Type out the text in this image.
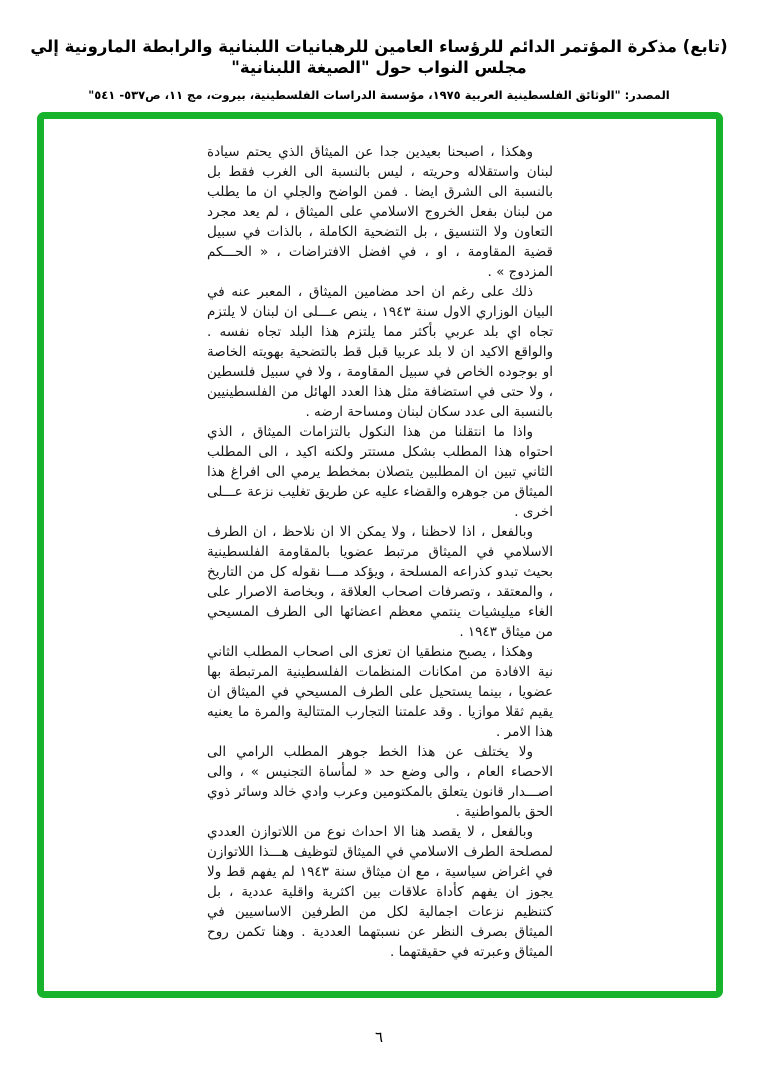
(تابع) مذكرة المؤتمر الدائم للرؤساء العامين للرهبانيات اللبنانية والرابطة المارونية إلي مجلس النواب حول "الصيغة اللبنانية"
المصدر: "الوثائق الفلسطينية العربية ١٩٧٥، مؤسسة الدراسات الفلسطينية، بيروت، مج ١١، ص٥٣٧- ٥٤١"

وهكذا ، اصبحنا بعيدين جدا عن الميثاق الذي يحتم سيادة لبنان واستقلاله وحريته ، ليس بالنسبة الى الغرب فقط بل بالنسبة الى الشرق ايضا . فمن الواضح والجلي ان ما يطلب من لبنان بفعل الخروج الاسلامي على الميثاق ، لم يعد مجرد التعاون ولا التنسيق ، بل التضحية الكاملة ، بالذات في سبيل قضية المقاومة ، او ، في افضل الافتراضات ، « الحـــكم المزدوج » .

ذلك على رغم ان احد مضامين الميثاق ، المعبر عنه في البيان الوزاري الاول سنة ١٩٤٣ ، ينص عـــلى ان لبنان لا يلتزم تجاه اي بلد عربي بأكثر مما يلتزم هذا البلد تجاه نفسه . والواقع الاكيد ان لا بلد عربيا قبل قط بالتضحية بهويته الخاصة او بوجوده الخاص في سبيل المقاومة ، ولا في سبيل فلسطين ، ولا حتى في استضافة مثل هذا العدد الهائل من الفلسطينيين بالنسبة الى عدد سكان لبنان ومساحة ارضه .

واذا ما انتقلنا من هذا النكول بالتزامات الميثاق ، الذي احتواه هذا المطلب بشكل مستتر ولكنه اكيد ، الى المطلب الثاني تبين ان المطلبين يتصلان بمخطط يرمي الى افراغ هذا الميثاق من جوهره والقضاء عليه عن طريق تغليب نزعة عـــلى اخرى .

وبالفعل ، اذا لاحظنا ، ولا يمكن الا ان نلاحظ ، ان الطرف الاسلامي في الميثاق مرتبط عضويا بالمقاومة الفلسطينية بحيث تبدو كذراعه المسلحة ، ويؤكد مـــا نقوله كل من التاريخ ، والمعتقد ، وتصرفات اصحاب العلاقة ، وبخاصة الاصرار على الغاء ميليشيات ينتمي معظم اعضائها الى الطرف المسيحي من ميثاق ١٩٤٣ .

وهكذا ، يصبح منطقيا ان تعزى الى اصحاب المطلب الثاني نية الافادة من امكانات المنظمات الفلسطينية المرتبطة بها عضويا ، بينما يستحيل على الطرف المسيحي في الميثاق ان يقيم ثقلا موازيا . وقد علمتنا التجارب المتتالية والمرة ما يعنيه هذا الامر .

ولا يختلف عن هذا الخط جوهر المطلب الرامي الى الاحصاء العام ، والى وضع حد « لمأساة التجنيس » ، والى اصـــدار قانون يتعلق بالمكتومين وعرب وادي خالد وسائر ذوي الحق بالمواطنية .

وبالفعل ، لا يقصد هنا الا احداث نوع من اللاتوازن العددي لمصلحة الطرف الاسلامي في الميثاق لتوظيف هـــذا اللاتوازن في اغراض سياسية ، مع ان ميثاق سنة ١٩٤٣ لم يفهم قط ولا يجوز ان يفهم كأداة علاقات بين اكثرية واقلية عددية ، بل كتنظيم نزعات اجمالية لكل من الطرفين الاساسيين في الميثاق بصرف النظر عن نسبتهما العددية . وهنا تكمن روح الميثاق وعبرته في حقيقتهما .

٦
